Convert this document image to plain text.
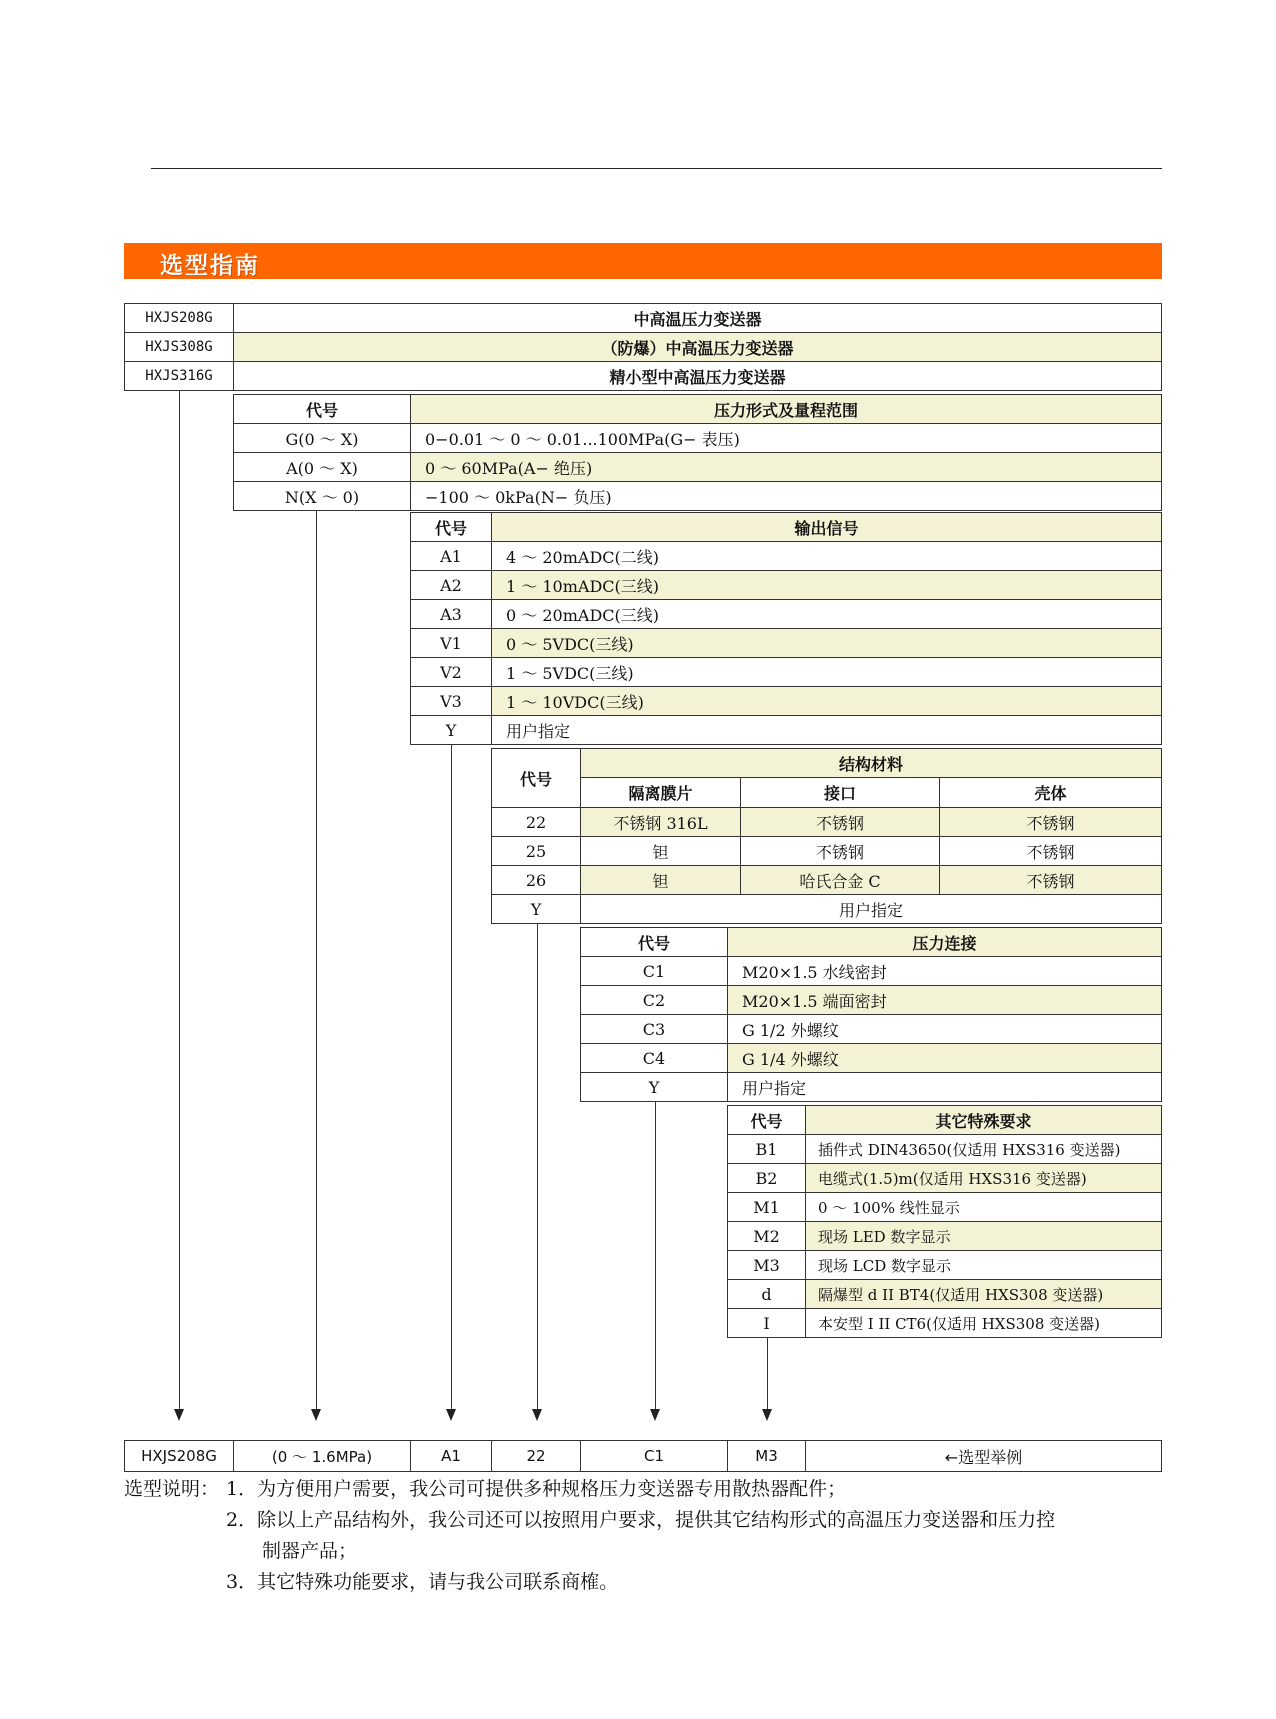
选型指南
HXJS208G	中高温压力变送器
HXJS308G	（防爆）中高温压力变送器
HXJS316G	精小型中高温压力变送器
代号	压力形式及量程范围
G(0 ～ X)	0−0.01 ～ 0 ～ 0.01...100MPa(G− 表压)
A(0 ～ X)	0 ～ 60MPa(A− 绝压)
N(X ～ 0)	−100 ～ 0kPa(N− 负压)
代号	输出信号
A1	4 ～ 20mADC(二线)
A2	1 ～ 10mADC(三线)
A3	0 ～ 20mADC(三线)
V1	0 ～ 5VDC(三线)
V2	1 ～ 5VDC(三线)
V3	1 ～ 10VDC(三线)
Y	用户指定
代号
结构材料
隔离膜片	接口	壳体
22	不锈钢 316L	不锈钢	不锈钢
25	钽	不锈钢	不锈钢
26	钽	哈氏合金 C	不锈钢
Y	用户指定
代号	压力连接
C1	M20×1.5 水线密封
C2	M20×1.5 端面密封
C3	G 1/2 外螺纹
C4	G 1/4 外螺纹
Y	用户指定
代号	其它特殊要求
B1	插件式 DIN43650(仅适用 HXS316 变送器)
B2	电缆式(1.5)m(仅适用 HXS316 变送器)
M1	0 ～ 100% 线性显示
M2	现场 LED 数字显示
M3	现场 LCD 数字显示
d	隔爆型 d II BT4(仅适用 HXS308 变送器)
I	本安型 I II CT6(仅适用 HXS308 变送器)
HXJS208G	(0 ～ 1.6MPa)	A1	22	C1	M3	←选型举例
选型说明： 1．为方便用户需要，我公司可提供多种规格压力变送器专用散热器配件；
2．除以上产品结构外，我公司还可以按照用户要求，提供其它结构形式的高温压力变送器和压力控
制器产品；
3．其它特殊功能要求，请与我公司联系商榷。
